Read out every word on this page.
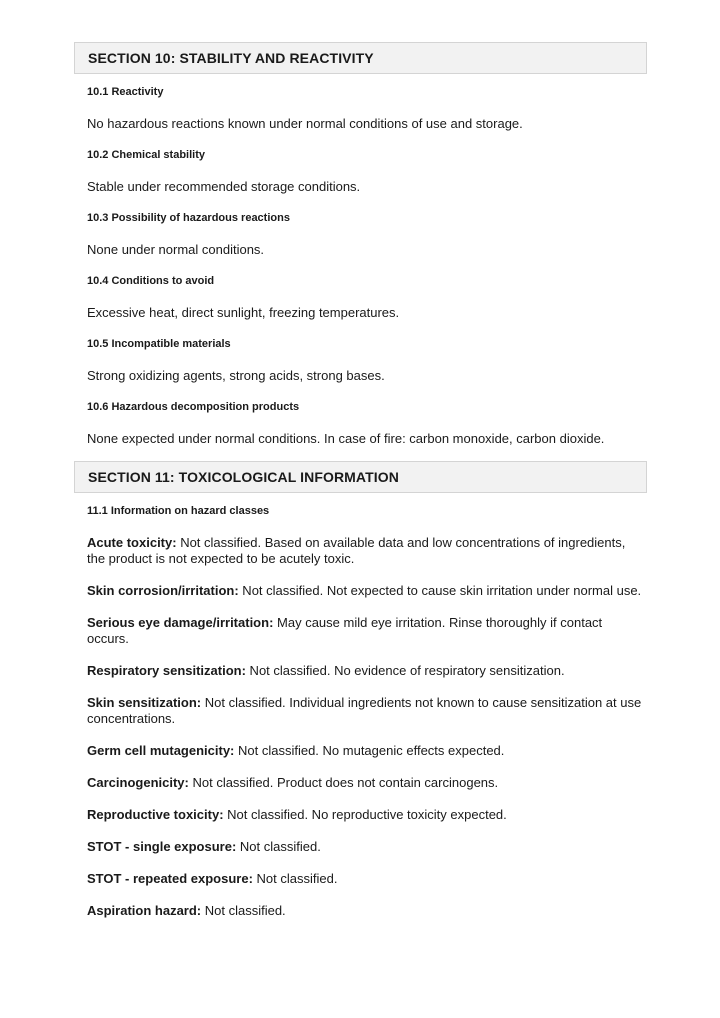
SECTION 10: STABILITY AND REACTIVITY

10.1 Reactivity

No hazardous reactions known under normal conditions of use and storage.

10.2 Chemical stability

Stable under recommended storage conditions.

10.3 Possibility of hazardous reactions

None under normal conditions.

10.4 Conditions to avoid

Excessive heat, direct sunlight, freezing temperatures.

10.5 Incompatible materials

Strong oxidizing agents, strong acids, strong bases.

10.6 Hazardous decomposition products

None expected under normal conditions. In case of fire: carbon monoxide, carbon dioxide.

SECTION 11: TOXICOLOGICAL INFORMATION

11.1 Information on hazard classes

Acute toxicity: Not classified. Based on available data and low concentrations of ingredients, the product is not expected to be acutely toxic.

Skin corrosion/irritation: Not classified. Not expected to cause skin irritation under normal use.

Serious eye damage/irritation: May cause mild eye irritation. Rinse thoroughly if contact occurs.

Respiratory sensitization: Not classified. No evidence of respiratory sensitization.

Skin sensitization: Not classified. Individual ingredients not known to cause sensitization at use concentrations.

Germ cell mutagenicity: Not classified. No mutagenic effects expected.

Carcinogenicity: Not classified. Product does not contain carcinogens.

Reproductive toxicity: Not classified. No reproductive toxicity expected.

STOT - single exposure: Not classified.

STOT - repeated exposure: Not classified.

Aspiration hazard: Not classified.
